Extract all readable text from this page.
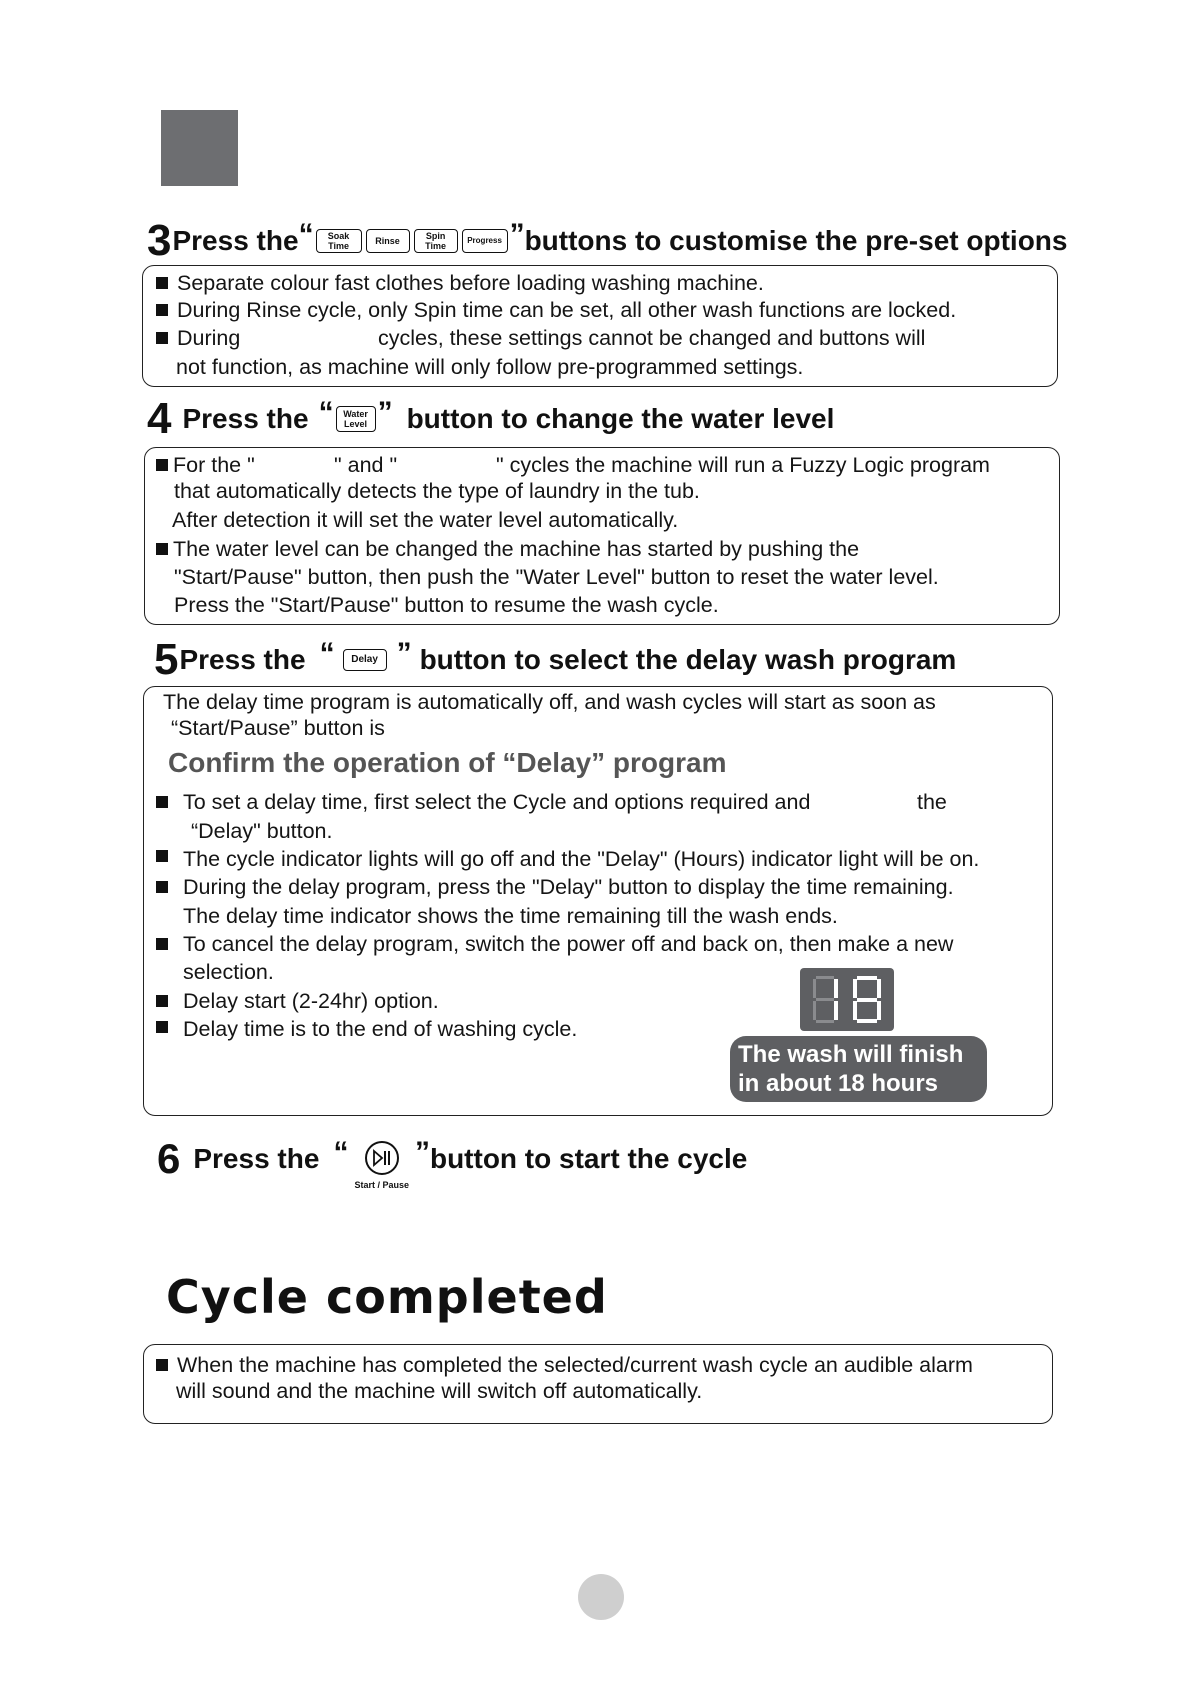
3 Press the “ Soak
Time	Rinse	Spin
Time
Progress ” buttons to customise the pre-set options
Separate colour fast clothes before loading washing machine.
During Rinse cycle, only Spin time can be set, all other wash functions are locked.
During	cycles, these settings cannot be changed and buttons will
not function, as machine will only follow pre-programmed settings.
4 Press the “ Water
Level ” button to change the water level
For the "	" and "	" cycles the machine will run a Fuzzy Logic program
that automatically detects the type of laundry in the tub.
After detection it will set the water level automatically.
The water level can be changed the machine has started by pushing the
"Start/Pause" button, then push the "Water Level" button to reset the water level.
Press the "Start/Pause" button to resume the wash cycle.
5 Press the “ Delay ” button to select the delay wash program
The delay time program is automatically off, and wash cycles will start as soon as
“Start/Pause” button is
Confirm the operation of “Delay” program
To set a delay time, first select the Cycle and options required and	the
“Delay" button.
The cycle indicator lights will go off and the "Delay" (Hours) indicator light will be on.
During the delay program, press the "Delay" button to display the time remaining.
The delay time indicator shows the time remaining till the wash ends.
To cancel the delay program, switch the power off and back on, then make a new
selection.
Delay start (2-24hr) option.
Delay time is to the end of washing cycle.
The wash will finish
in about 18 hours
6 Press the “
Start / Pause
” button to start the cycle
Cycle completed
When the machine has completed the selected/current wash cycle an audible alarm
will sound and the machine will switch off automatically.
